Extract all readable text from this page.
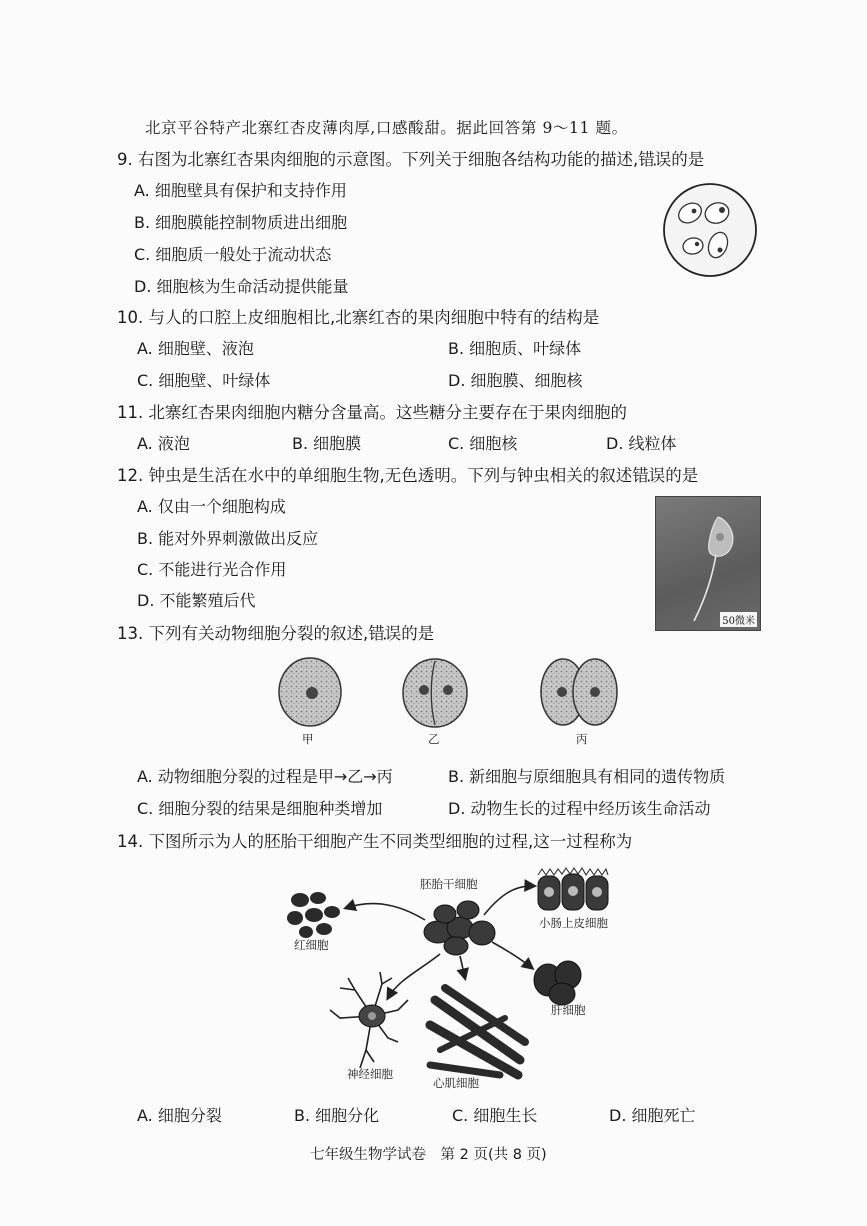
北京平谷特产北寨红杏皮薄肉厚,口感酸甜。据此回答第 9～11 题。
9. 右图为北寨红杏果肉细胞的示意图。下列关于细胞各结构功能的描述,错误的是
A. 细胞壁具有保护和支持作用
B. 细胞膜能控制物质进出细胞
C. 细胞质一般处于流动状态
D. 细胞核为生命活动提供能量
10. 与人的口腔上皮细胞相比,北寨红杏的果肉细胞中特有的结构是
A. 细胞壁、液泡	B. 细胞质、叶绿体
C. 细胞壁、叶绿体	D. 细胞膜、细胞核
11. 北寨红杏果肉细胞内糖分含量高。这些糖分主要存在于果肉细胞的
A. 液泡	B. 细胞膜	C. 细胞核	D. 线粒体
12. 钟虫是生活在水中的单细胞生物,无色透明。下列与钟虫相关的叙述错误的是
A. 仅由一个细胞构成
B. 能对外界刺激做出反应
C. 不能进行光合作用
D. 不能繁殖后代
50微米
13. 下列有关动物细胞分裂的叙述,错误的是
甲	乙	丙
A. 动物细胞分裂的过程是甲→乙→丙	B. 新细胞与原细胞具有相同的遗传物质
C. 细胞分裂的结果是细胞种类增加	D. 动物生长的过程中经历该生命活动
14. 下图所示为人的胚胎干细胞产生不同类型细胞的过程,这一过程称为
胚胎干细胞
红细胞
小肠上皮细胞
肝细胞
神经细胞
心肌细胞
A. 细胞分裂	B. 细胞分化	C. 细胞生长	D. 细胞死亡
七年级生物学试卷　第 2 页(共 8 页)
